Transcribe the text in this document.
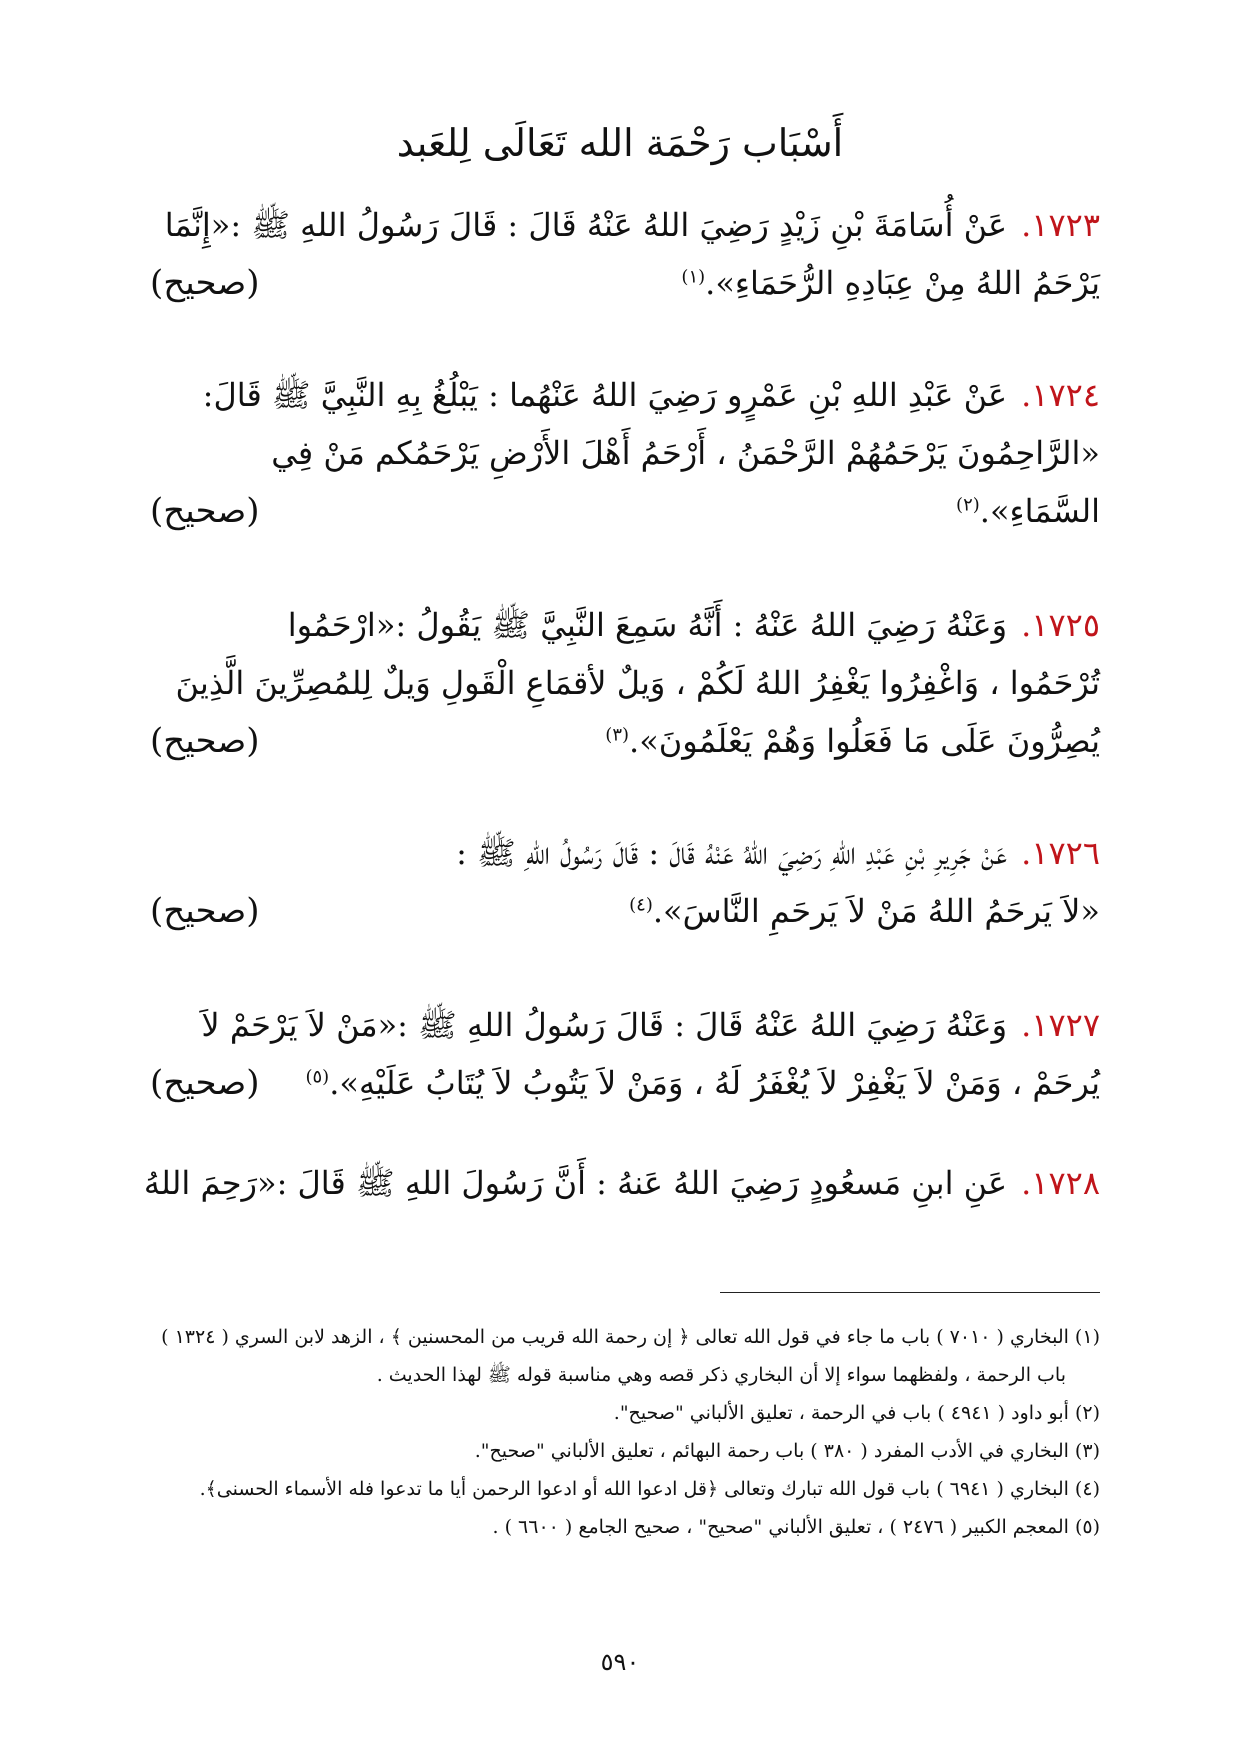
أَسْبَاب رَحْمَة الله تَعَالَى لِلعَبد
١٧٢٣.عَنْ أُسَامَةَ بْنِ زَيْدٍ رَضِيَ اللهُ عَنْهُ قَالَ : قَالَ رَسُولُ اللهِ ﷺ :«إِنَّمَا
يَرْحَمُ اللهُ مِنْ عِبَادِهِ الرُّحَمَاءِ».$^{(١)}$
(صحيح)
١٧٢٤.عَنْ عَبْدِ اللهِ بْنِ عَمْرٍو رَضِيَ اللهُ عَنْهُما : يَبْلُغُ بِهِ النَّبِيَّ ﷺ قَالَ:
«الرَّاحِمُونَ يَرْحَمُهُمْ الرَّحْمَنُ ، أَرْحَمُ أَهْلَ الأَرْضِ يَرْحَمُكم مَنْ فِي
السَّمَاءِ».$^{(٢)}$
(صحيح)
١٧٢٥.وَعَنْهُ رَضِيَ اللهُ عَنْهُ : أَنَّهُ سَمِعَ النَّبِيَّ ﷺ يَقُولُ :«ارْحَمُوا
تُرْحَمُوا ، وَاغْفِرُوا يَغْفِرُ اللهُ لَكُمْ ، وَيلٌ لأقمَاعِ الْقَولِ وَيلٌ لِلمُصِرِّينَ الَّذِينَ
يُصِرُّونَ عَلَى مَا فَعَلُوا وَهُمْ يَعْلَمُونَ».$^{(٣)}$
(صحيح)
١٧٢٦.عَنْ جَرِيرِ بْنِ عَبْدِ اللهِ رَضِيَ اللهُ عَنْهُ قَالَ : قَالَ رَسُولُ اللهِ ﷺ :
«لاَ يَرحَمُ اللهُ مَنْ لاَ يَرحَمِ النَّاسَ».$^{(٤)}$
(صحيح)
١٧٢٧.وَعَنْهُ رَضِيَ اللهُ عَنْهُ قَالَ : قَالَ رَسُولُ اللهِ ﷺ :«مَنْ لاَ يَرْحَمْ لاَ
يُرحَمْ ، وَمَنْ لاَ يَغْفِرْ لاَ يُغْفَرُ لَهُ ، وَمَنْ لاَ يَتُوبُ لاَ يُتَابُ عَلَيْهِ».$^{(٥)}$
(صحيح)
١٧٢٨.عَنِ ابنِ مَسعُودٍ رَضِيَ اللهُ عَنهُ : أَنَّ رَسُولَ اللهِ ﷺ قَالَ :«رَحِمَ اللهُ
(١) البخاري ( ٧٠١٠ ) باب ما جاء في قول الله تعالى ﴿ إن رحمة الله قريب من المحسنين ﴾ ، الزهد لابن السري ( ١٣٢٤ )
باب الرحمة ، ولفظهما سواء إلا أن البخاري ذكر قصه وهي مناسبة قوله ﷺ لهذا الحديث .
(٢) أبو داود ( ٤٩٤١ ) باب في الرحمة ، تعليق الألباني "صحيح".
(٣) البخاري في الأدب المفرد ( ٣٨٠ ) باب رحمة البهائم ، تعليق الألباني "صحيح".
(٤) البخاري ( ٦٩٤١ ) باب قول الله تبارك وتعالى ﴿قل ادعوا الله أو ادعوا الرحمن أيا ما تدعوا فله الأسماء الحسنى﴾.
(٥) المعجم الكبير ( ٢٤٧٦ ) ، تعليق الألباني "صحيح" ، صحيح الجامع ( ٦٦٠٠ ) .
٥٩٠
